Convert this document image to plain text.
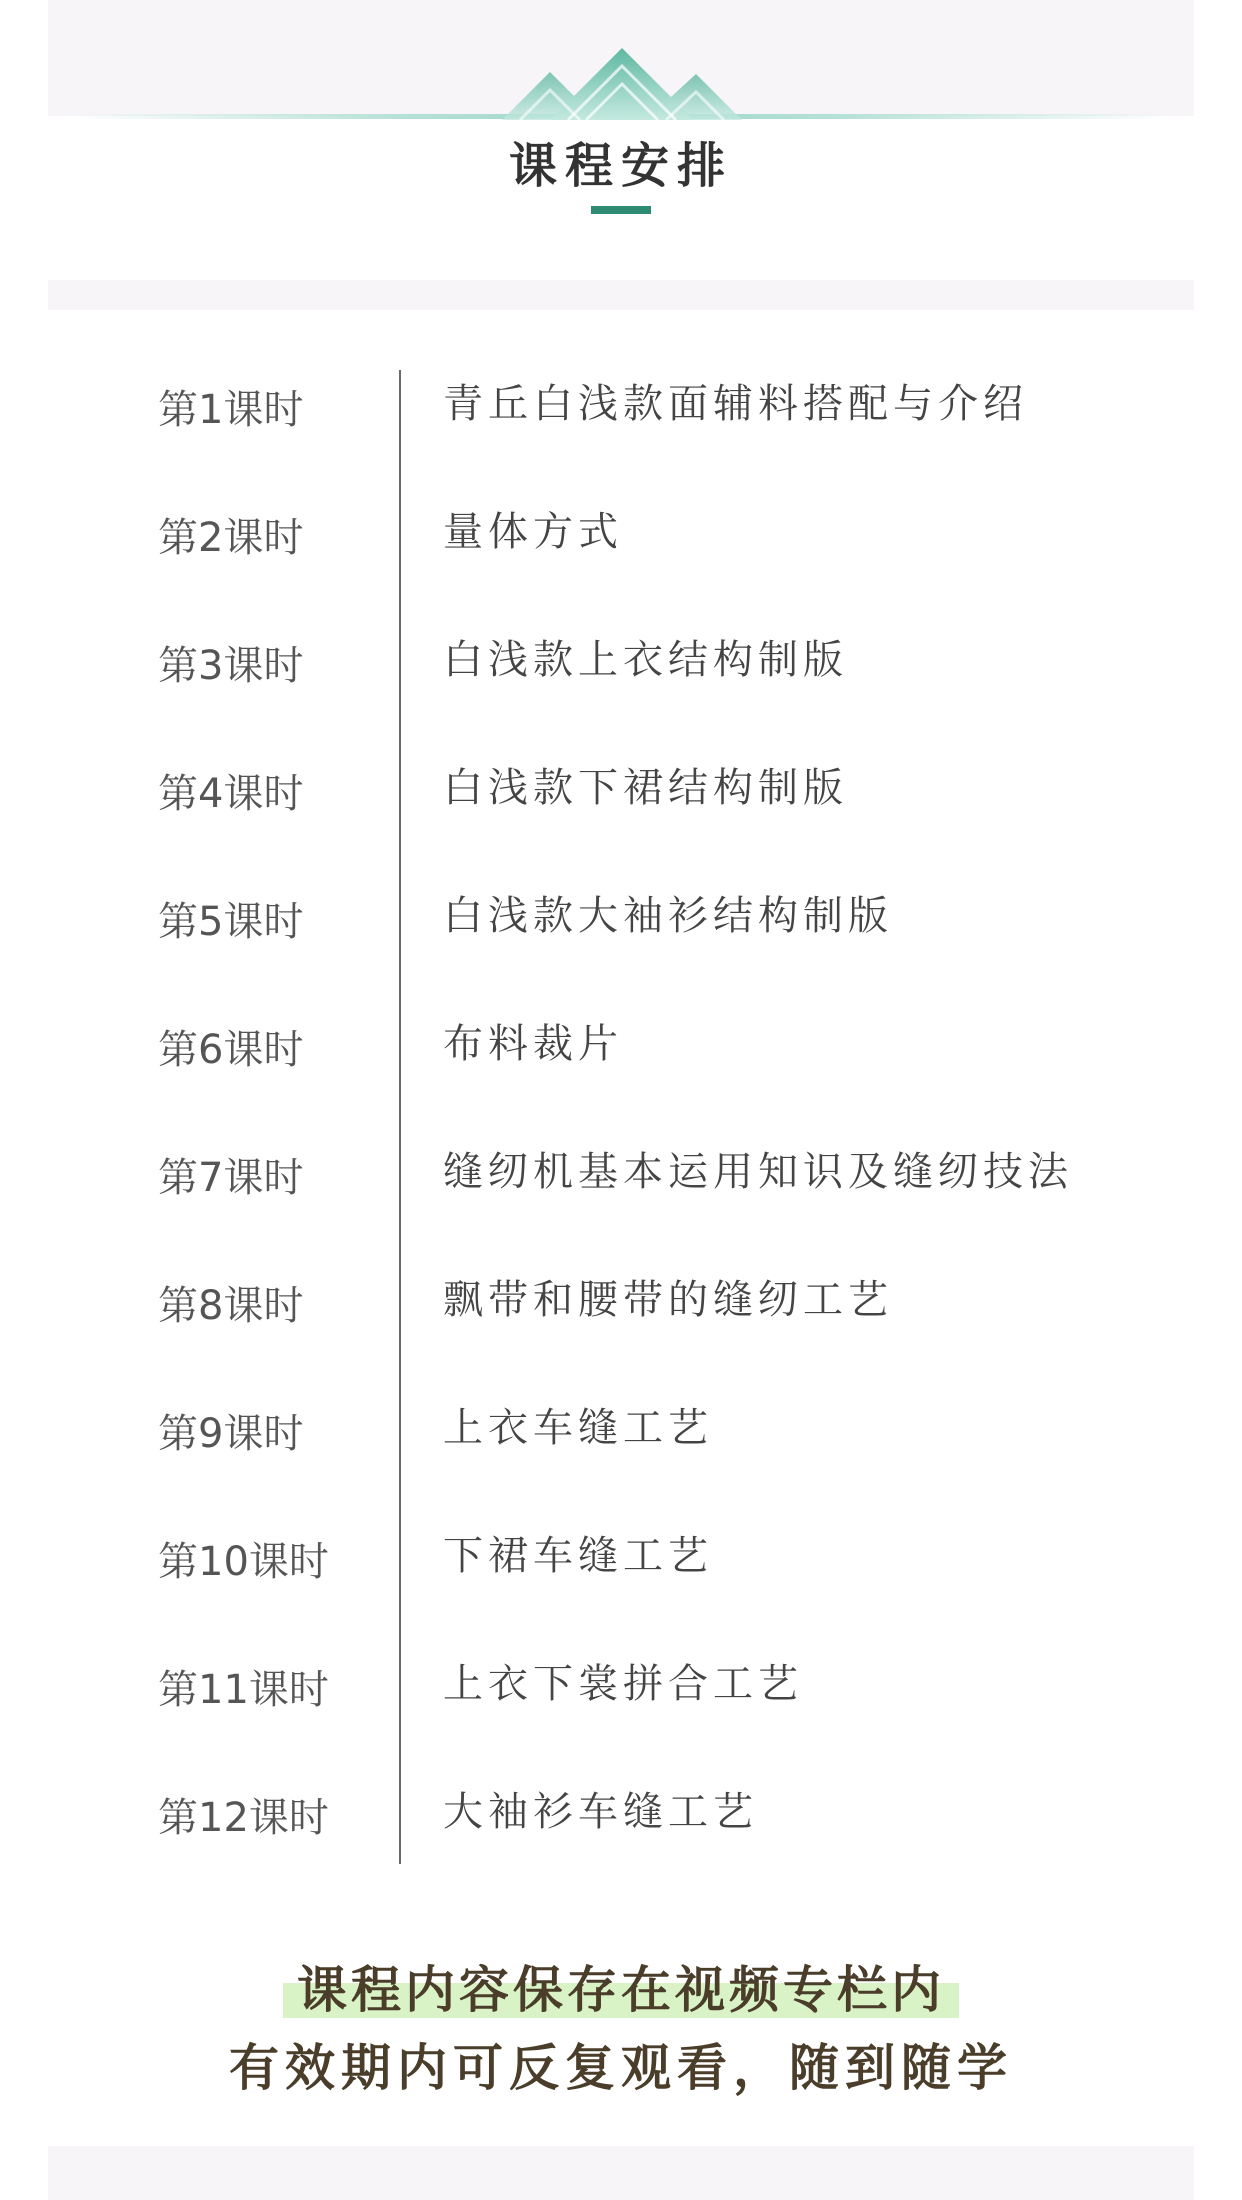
课程安排
第1课时	青丘白浅款面辅料搭配与介绍
第2课时	量体方式
第3课时	白浅款上衣结构制版
第4课时	白浅款下裙结构制版
第5课时	白浅款大袖衫结构制版
第6课时	布料裁片
第7课时	缝纫机基本运用知识及缝纫技法
第8课时	飘带和腰带的缝纫工艺
第9课时	上衣车缝工艺
第10课时	下裙车缝工艺
第11课时	上衣下裳拼合工艺
第12课时	大袖衫车缝工艺
课程内容保存在视频专栏内
有效期内可反复观看，随到随学
